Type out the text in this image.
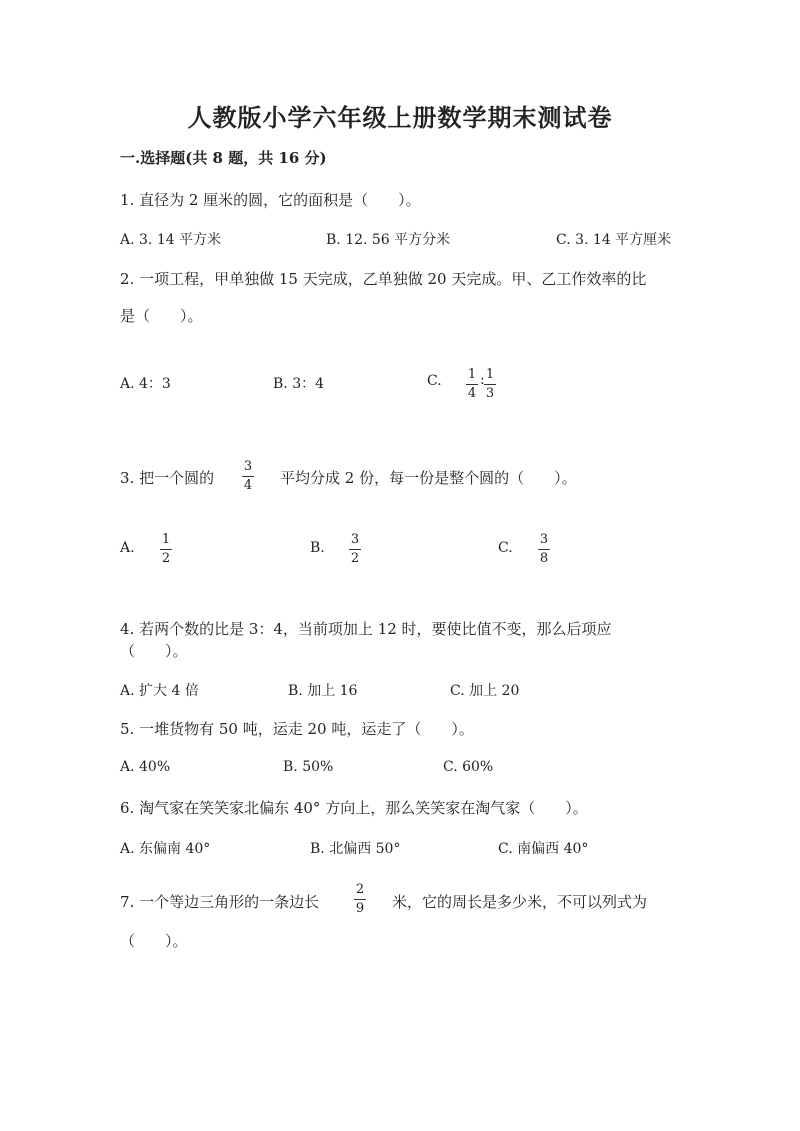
人教版小学六年级上册数学期末测试卷
一.选择题(共 8 题，共 16 分)
1. 直径为 2 厘米的圆，它的面积是（　　）。
A. 3. 14 平方米	B. 12. 56 平方分米	C. 3. 14 平方厘米
2. 一项工程，甲单独做 15 天完成，乙单独做 20 天完成。甲、乙工作效率的比
是（　　）。
A. 4：3	B. 3：4	C. 1
4
: 1
3
3. 把一个圆的
3
4 平均分成 2 份，每一份是整个圆的（　　）。
A.
1
2
B.
3
2
C.
3
8
4. 若两个数的比是 3：4，当前项加上 12 时，要使比值不变，那么后项应
（　　）。
A. 扩大 4 倍	B. 加上 16	C. 加上 20
5. 一堆货物有 50 吨，运走 20 吨，运走了（　　）。
A. 40%	B. 50%	C. 60%
6. 淘气家在笑笑家北偏东 40° 方向上，那么笑笑家在淘气家（　　）。
A. 东偏南 40°	B. 北偏西 50°	C. 南偏西 40°
7. 一个等边三角形的一条边长
2
9 米，它的周长是多少米，不可以列式为
（　　）。
